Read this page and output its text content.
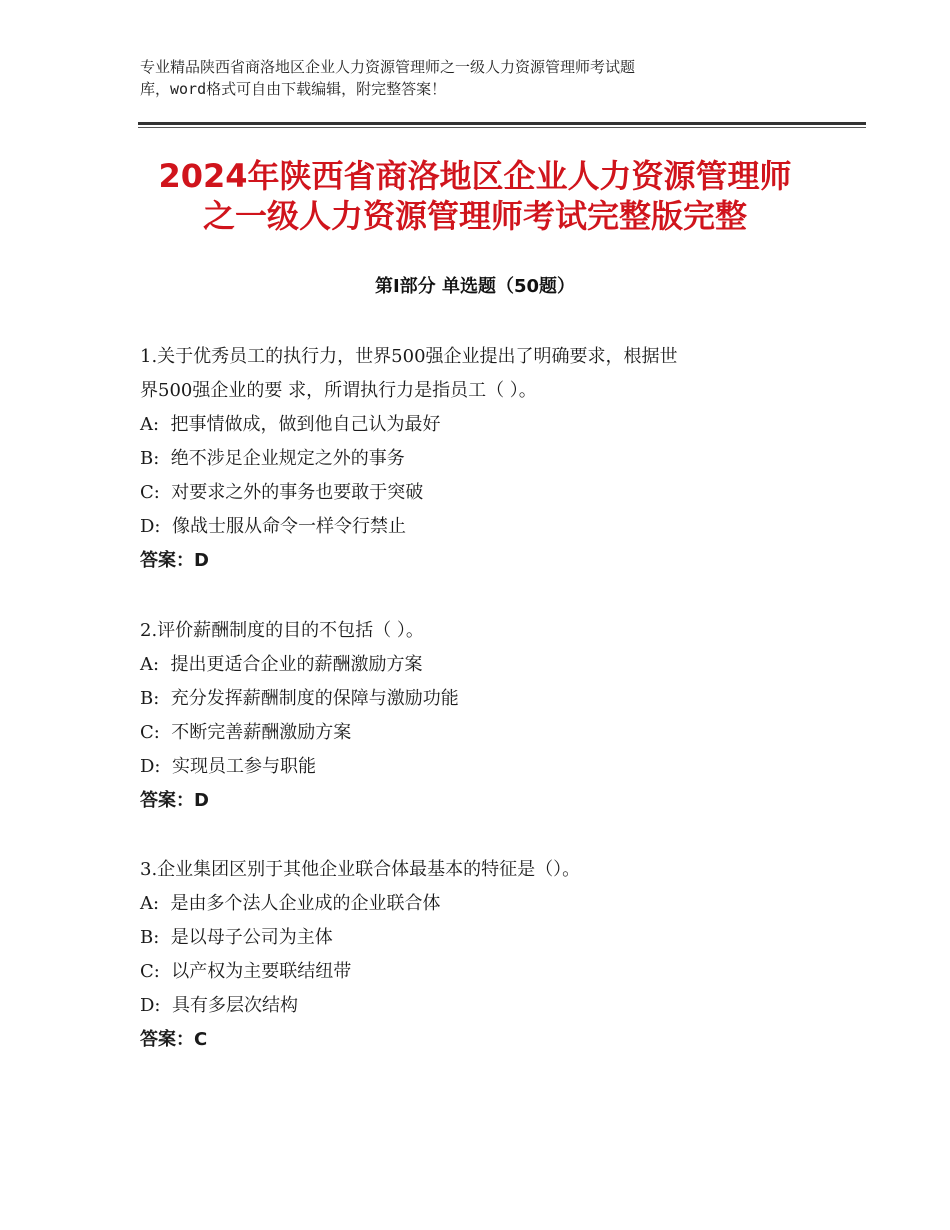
专业精品陕西省商洛地区企业人力资源管理师之一级人力资源管理师考试题
库，word格式可自由下载编辑，附完整答案！
2024年陕西省商洛地区企业人力资源管理师
之一级人力资源管理师考试完整版完整
第Ⅰ部分 单选题（50题）
1.关于优秀员工的执行力，世界500强企业提出了明确要求，根据世
界500强企业的要 求，所谓执行力是指员工（ ）。
A:  把事情做成，做到他自己认为最好
B:  绝不涉足企业规定之外的事务
C:  对要求之外的事务也要敢于突破
D:  像战士服从命令一样令行禁止
答案：D
2.评价薪酬制度的目的不包括（ ）。
A:  提出更适合企业的薪酬激励方案
B:  充分发挥薪酬制度的保障与激励功能
C:  不断完善薪酬激励方案
D:  实现员工参与职能
答案：D
3.企业集团区别于其他企业联合体最基本的特征是（）。
A:  是由多个法人企业成的企业联合体
B:  是以母子公司为主体
C:  以产权为主要联结纽带
D:  具有多层次结构
答案：C
